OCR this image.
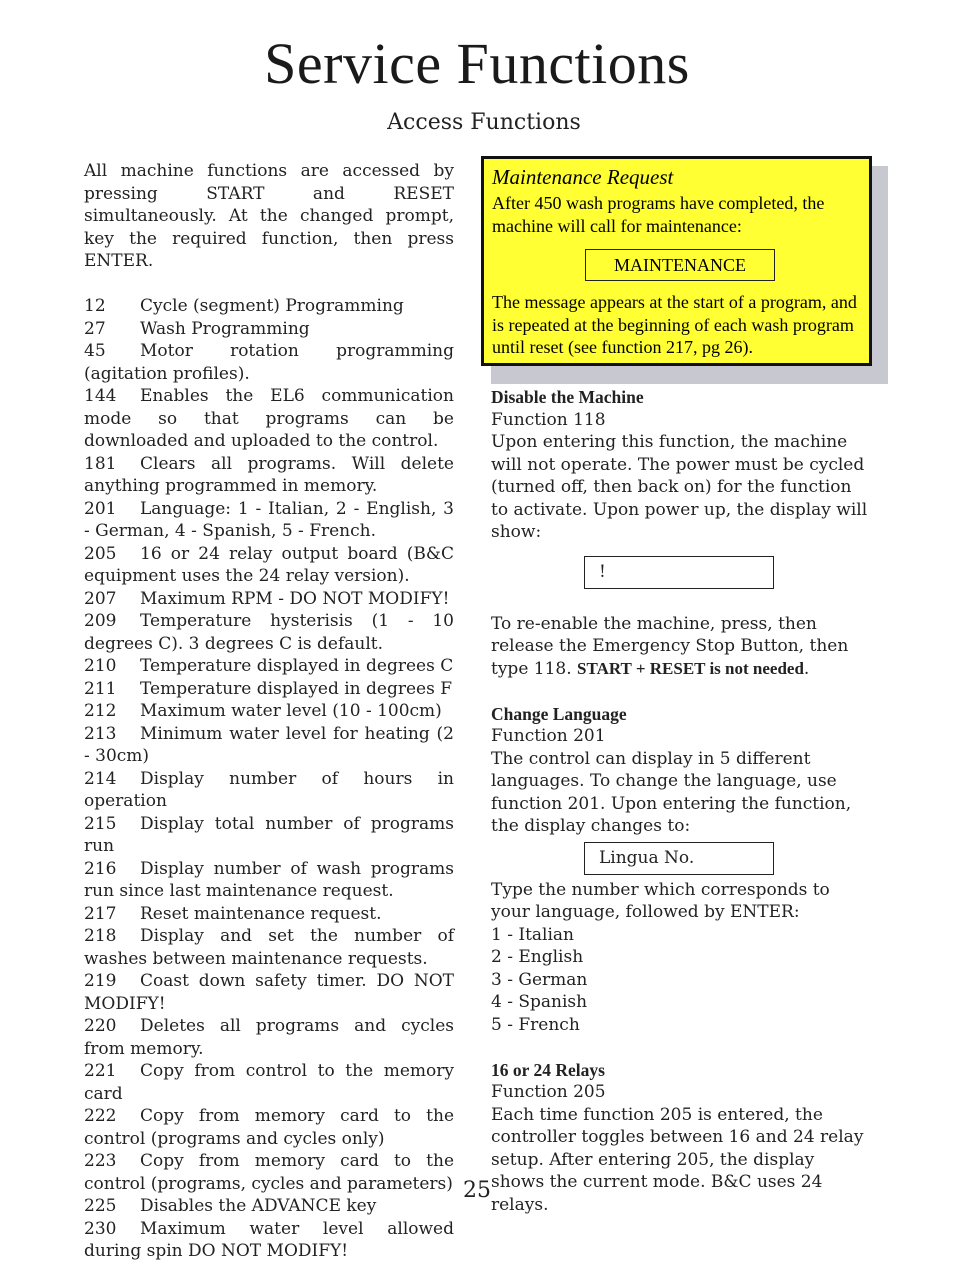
Service Functions
Access Functions

All machine functions are accessed by pressing START and RESET simultaneously. At the changed prompt, key the required function, then press ENTER.

12 Cycle (segment) Programming

27 Wash Programming

45 Motor rotation programming (agitation profiles).

144 Enables the EL6 communication mode so that programs can be downloaded and uploaded to the control.

181 Clears all programs. Will delete anything programmed in memory.

201 Language: 1 - Italian, 2 - English, 3 - German, 4 - Spanish, 5 - French.

205 16 or 24 relay output board (B&C equipment uses the 24 relay version).

207 Maximum RPM - DO NOT MODIFY!

209 Temperature hysterisis (1 - 10 degrees C). 3 degrees C is default.

210 Temperature displayed in degrees C

211 Temperature displayed in degrees F

212 Maximum water level (10 - 100cm)

213 Minimum water level for heating (2 - 30cm)

214 Display number of hours in operation

215 Display total number of programs run

216 Display number of wash programs run since last maintenance request.

217 Reset maintenance request.

218 Display and set the number of washes between maintenance requests.

219 Coast down safety timer. DO NOT MODIFY!

220 Deletes all programs and cycles from memory.

221 Copy from control to the memory card

222 Copy from memory card to the control (programs and cycles only)

223 Copy from memory card to the control (programs, cycles and parameters)

225 Disables the ADVANCE key

230 Maximum water level allowed during spin DO NOT MODIFY!

Maintenance Request

After 450 wash programs have completed, the machine will call for maintenance:

MAINTENANCE

The message appears at the start of a program, and is repeated at the beginning of each wash program until reset (see function 217, pg 26).

Disable the Machine

Function 118

Upon entering this function, the machine will not operate. The power must be cycled (turned off, then back on) for the function to activate. Upon power up, the display will show:

!

To re-enable the machine, press, then release the Emergency Stop Button, then type 118. START + RESET is not needed.

Change Language

Function 201

The control can display in 5 different languages. To change the language, use function 201. Upon entering the function, the display changes to:

Lingua No.

Type the number which corresponds to your language, followed by ENTER:

1 - Italian

2 - English

3 - German

4 - Spanish

5 - French

16 or 24 Relays

Function 205

Each time function 205 is entered, the controller toggles between 16 and 24 relay setup. After entering 205, the display shows the current mode. B&C uses 24 relays.

25
